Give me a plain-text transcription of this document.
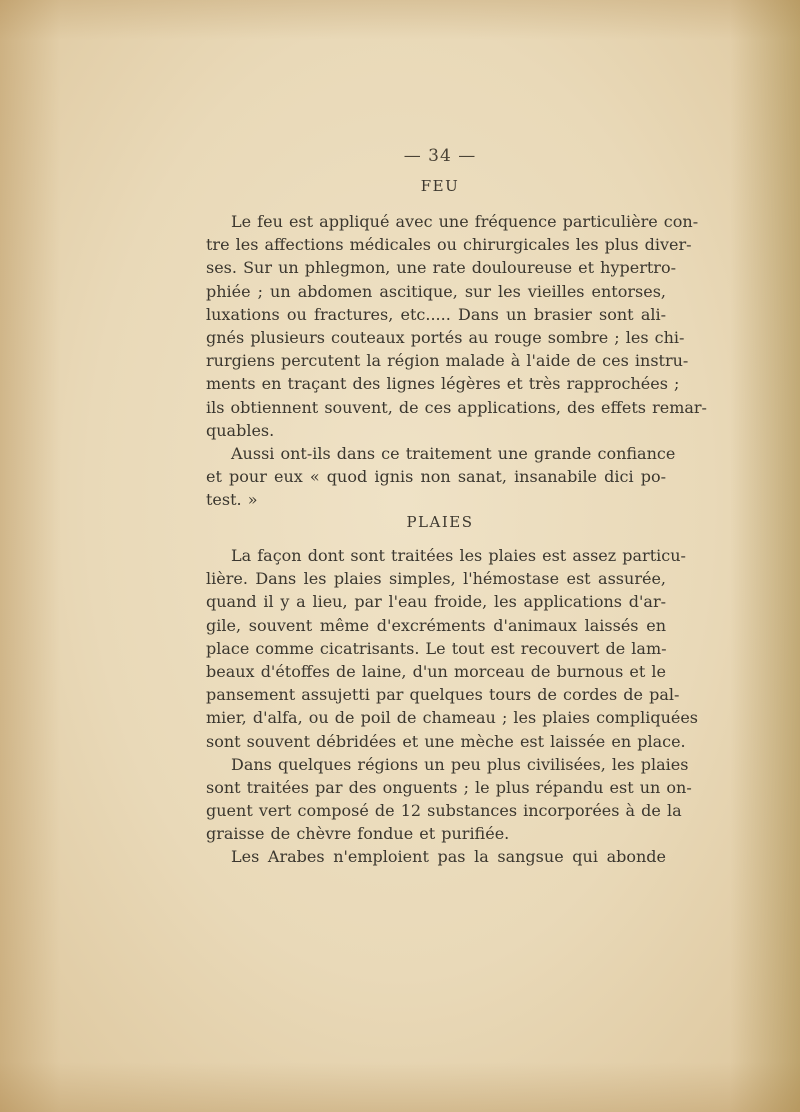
— 34 —
FEU
Le feu est appliqué avec une fréquence particulière con-
tre les affections médicales ou chirurgicales les plus diver-
ses. Sur un phlegmon, une rate douloureuse et hypertro-
phiée ; un abdomen ascitique, sur les vieilles entorses,
luxations ou fractures, etc..... Dans un brasier sont ali-
gnés plusieurs couteaux portés au rouge sombre ; les chi-
rurgiens percutent la région malade à l'aide de ces instru-
ments en traçant des lignes légères et très rapprochées ;
ils obtiennent souvent, de ces applications, des effets remar-
quables.
Aussi ont-ils dans ce traitement une grande confiance
et pour eux « quod ignis non sanat, insanabile dici po-
test. »
PLAIES
La façon dont sont traitées les plaies est assez particu-
lière. Dans les plaies simples, l'hémostase est assurée,
quand il y a lieu, par l'eau froide, les applications d'ar-
gile, souvent même d'excréments d'animaux laissés en
place comme cicatrisants. Le tout est recouvert de lam-
beaux d'étoffes de laine, d'un morceau de burnous et le
pansement assujetti par quelques tours de cordes de pal-
mier, d'alfa, ou de poil de chameau ; les plaies compliquées
sont souvent débridées et une mèche est laissée en place.
Dans quelques régions un peu plus civilisées, les plaies
sont traitées par des onguents ; le plus répandu est un on-
guent vert composé de 12 substances incorporées à de la
graisse de chèvre fondue et purifiée.
Les Arabes n'emploient pas la sangsue qui abonde
